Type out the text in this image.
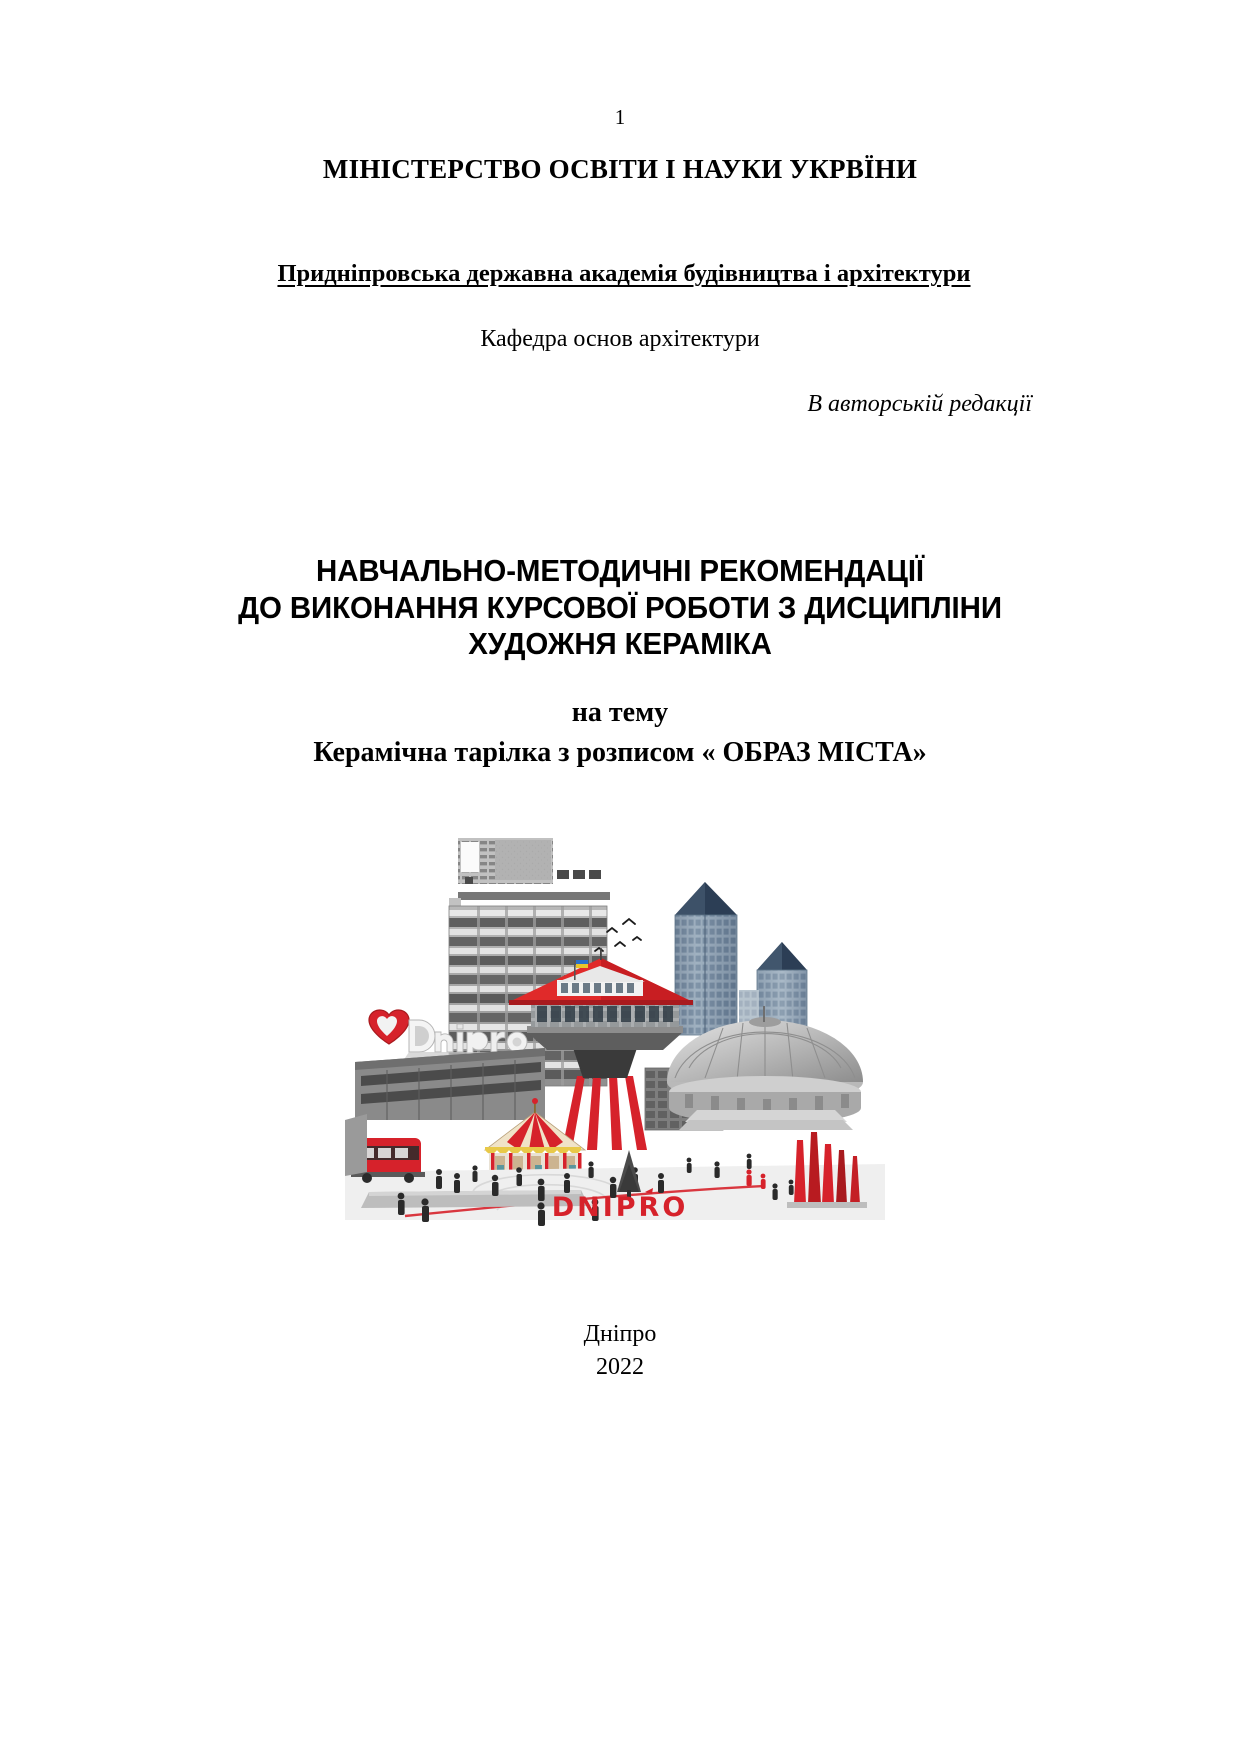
1
МІНІСТЕРСТВО ОСВІТИ І НАУКИ УКРВЇНИ
Придніпровська державна академія будівництва і архітектури
Кафедра основ архітектури
В авторській редакції
НАВЧАЛЬНО-МЕТОДИЧНІ РЕКОМЕНДАЦІЇ
ДО ВИКОНАННЯ КУРСОВОЇ РОБОТИ З ДИСЦИПЛІНИ
ХУДОЖНЯ КЕРАМІКА
на тему
Керамічна тарілка з розписом « ОБРАЗ МІСТА»
DNIPRO
Дніпро
2022
